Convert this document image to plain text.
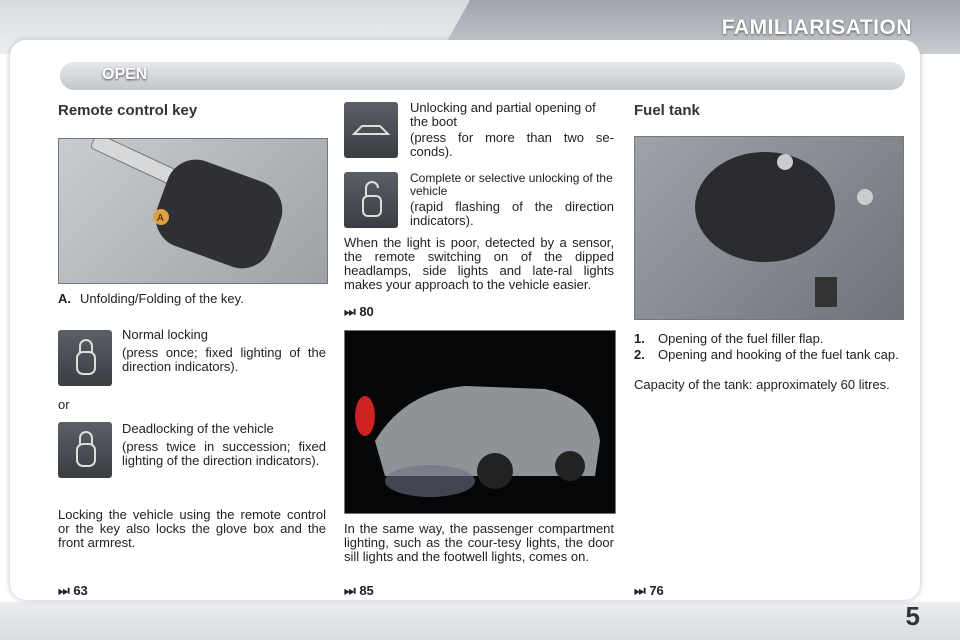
FAMILIARISATION
OPEN
Remote control key
A
A. Unfolding/Folding of the key.
Normal locking
(press once; fixed lighting of the direction indicators).
or
Deadlocking of the vehicle
(press twice in succession; fixed lighting of the direction indicators).
Locking the vehicle using the remote control or the key also locks the glove box and the front armrest.
⏭ 63
Unlocking and partial opening of the boot
(press for more than two se-conds).
Complete or selective unlocking of the vehicle
(rapid flashing of the direction indicators).
When the light is poor, detected by a sensor, the remote switching on of the dipped headlamps, side lights and late-ral lights makes your approach to the vehicle easier.
⏭ 80
In the same way, the passenger compartment lighting, such as the cour-tesy lights, the door sill lights and the footwell lights, comes on.
⏭ 85
Fuel tank
1. Opening of the fuel filler flap.
2. Opening and hooking of the fuel tank cap.
Capacity of the tank: approximately 60 litres.
⏭ 76
5
